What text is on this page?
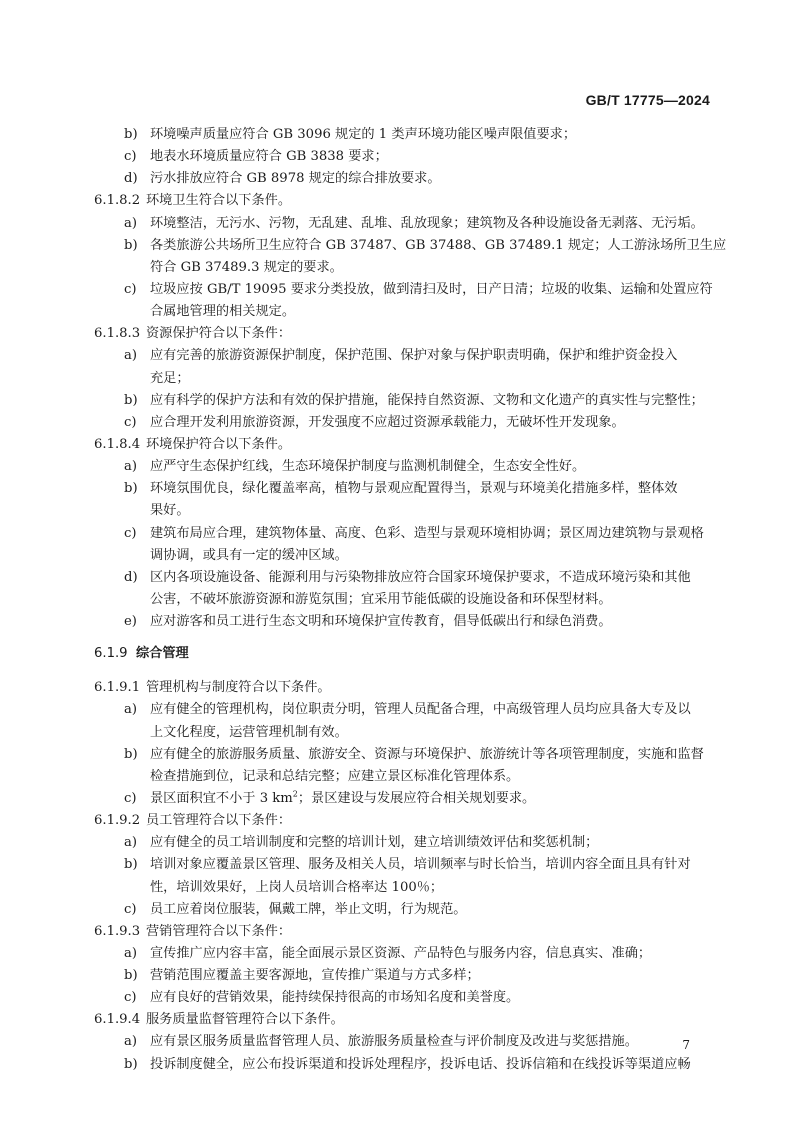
GB/T 17775—2024
b) 环境噪声质量应符合 GB 3096 规定的 1 类声环境功能区噪声限值要求；
c) 地表水环境质量应符合 GB 3838 要求；
d) 污水排放应符合 GB 8978 规定的综合排放要求。
6.1.8.2 环境卫生符合以下条件。
a) 环境整洁，无污水、污物，无乱建、乱堆、乱放现象；建筑物及各种设施设备无剥落、无污垢。
b) 各类旅游公共场所卫生应符合 GB 37487、GB 37488、GB 37489.1 规定；人工游泳场所卫生应
符合 GB 37489.3 规定的要求。
c) 垃圾应按 GB/T 19095 要求分类投放，做到清扫及时，日产日清；垃圾的收集、运输和处置应符
合属地管理的相关规定。
6.1.8.3 资源保护符合以下条件：
a) 应有完善的旅游资源保护制度，保护范围、保护对象与保护职责明确，保护和维护资金投入
充足；
b) 应有科学的保护方法和有效的保护措施，能保持自然资源、文物和文化遗产的真实性与完整性；
c) 应合理开发利用旅游资源，开发强度不应超过资源承载能力，无破坏性开发现象。
6.1.8.4 环境保护符合以下条件。
a) 应严守生态保护红线，生态环境保护制度与监测机制健全，生态安全性好。
b) 环境氛围优良，绿化覆盖率高，植物与景观应配置得当，景观与环境美化措施多样，整体效
果好。
c) 建筑布局应合理，建筑物体量、高度、色彩、造型与景观环境相协调；景区周边建筑物与景观格
调协调，或具有一定的缓冲区域。
d) 区内各项设施设备、能源利用与污染物排放应符合国家环境保护要求，不造成环境污染和其他
公害，不破坏旅游资源和游览氛围；宜采用节能低碳的设施设备和环保型材料。
e) 应对游客和员工进行生态文明和环境保护宣传教育，倡导低碳出行和绿色消费。
6.1.9 综合管理
6.1.9.1 管理机构与制度符合以下条件。
a) 应有健全的管理机构，岗位职责分明，管理人员配备合理，中高级管理人员均应具备大专及以
上文化程度，运营管理机制有效。
b) 应有健全的旅游服务质量、旅游安全、资源与环境保护、旅游统计等各项管理制度，实施和监督
检查措施到位，记录和总结完整；应建立景区标准化管理体系。
c) 景区面积宜不小于 3 $km^2$；景区建设与发展应符合相关规划要求。
6.1.9.2 员工管理符合以下条件：
a) 应有健全的员工培训制度和完整的培训计划，建立培训绩效评估和奖惩机制；
b) 培训对象应覆盖景区管理、服务及相关人员，培训频率与时长恰当，培训内容全面且具有针对
性，培训效果好，上岗人员培训合格率达 100％；
c) 员工应着岗位服装，佩戴工牌，举止文明，行为规范。
6.1.9.3 营销管理符合以下条件：
a) 宣传推广应内容丰富，能全面展示景区资源、产品特色与服务内容，信息真实、准确；
b) 营销范围应覆盖主要客源地，宣传推广渠道与方式多样；
c) 应有良好的营销效果，能持续保持很高的市场知名度和美誉度。
6.1.9.4 服务质量监督管理符合以下条件。
a) 应有景区服务质量监督管理人员、旅游服务质量检查与评价制度及改进与奖惩措施。
b) 投诉制度健全，应公布投诉渠道和投诉处理程序，投诉电话、投诉信箱和在线投诉等渠道应畅
7
